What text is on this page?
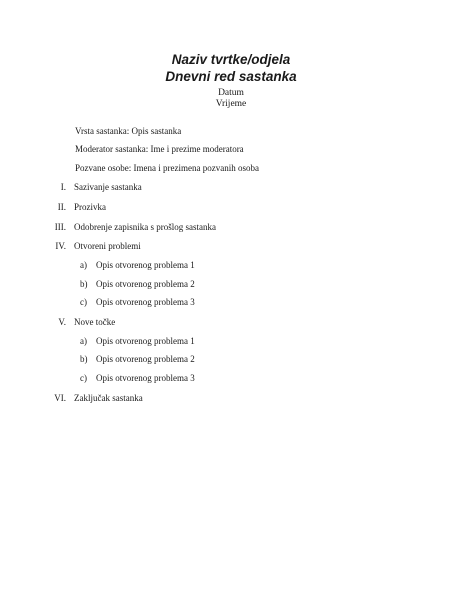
Naziv tvrtke/odjela
Dnevni red sastanka
Datum
Vrijeme
Vrsta sastanka: Opis sastanka
Moderator sastanka: Ime i prezime moderatora
Pozvane osobe: Imena i prezimena pozvanih osoba
I. Sazivanje sastanka
II. Prozivka
III. Odobrenje zapisnika s prošlog sastanka
IV. Otvoreni problemi
a) Opis otvorenog problema 1
b) Opis otvorenog problema 2
c) Opis otvorenog problema 3
V. Nove točke
a) Opis otvorenog problema 1
b) Opis otvorenog problema 2
c) Opis otvorenog problema 3
VI. Zaključak sastanka
